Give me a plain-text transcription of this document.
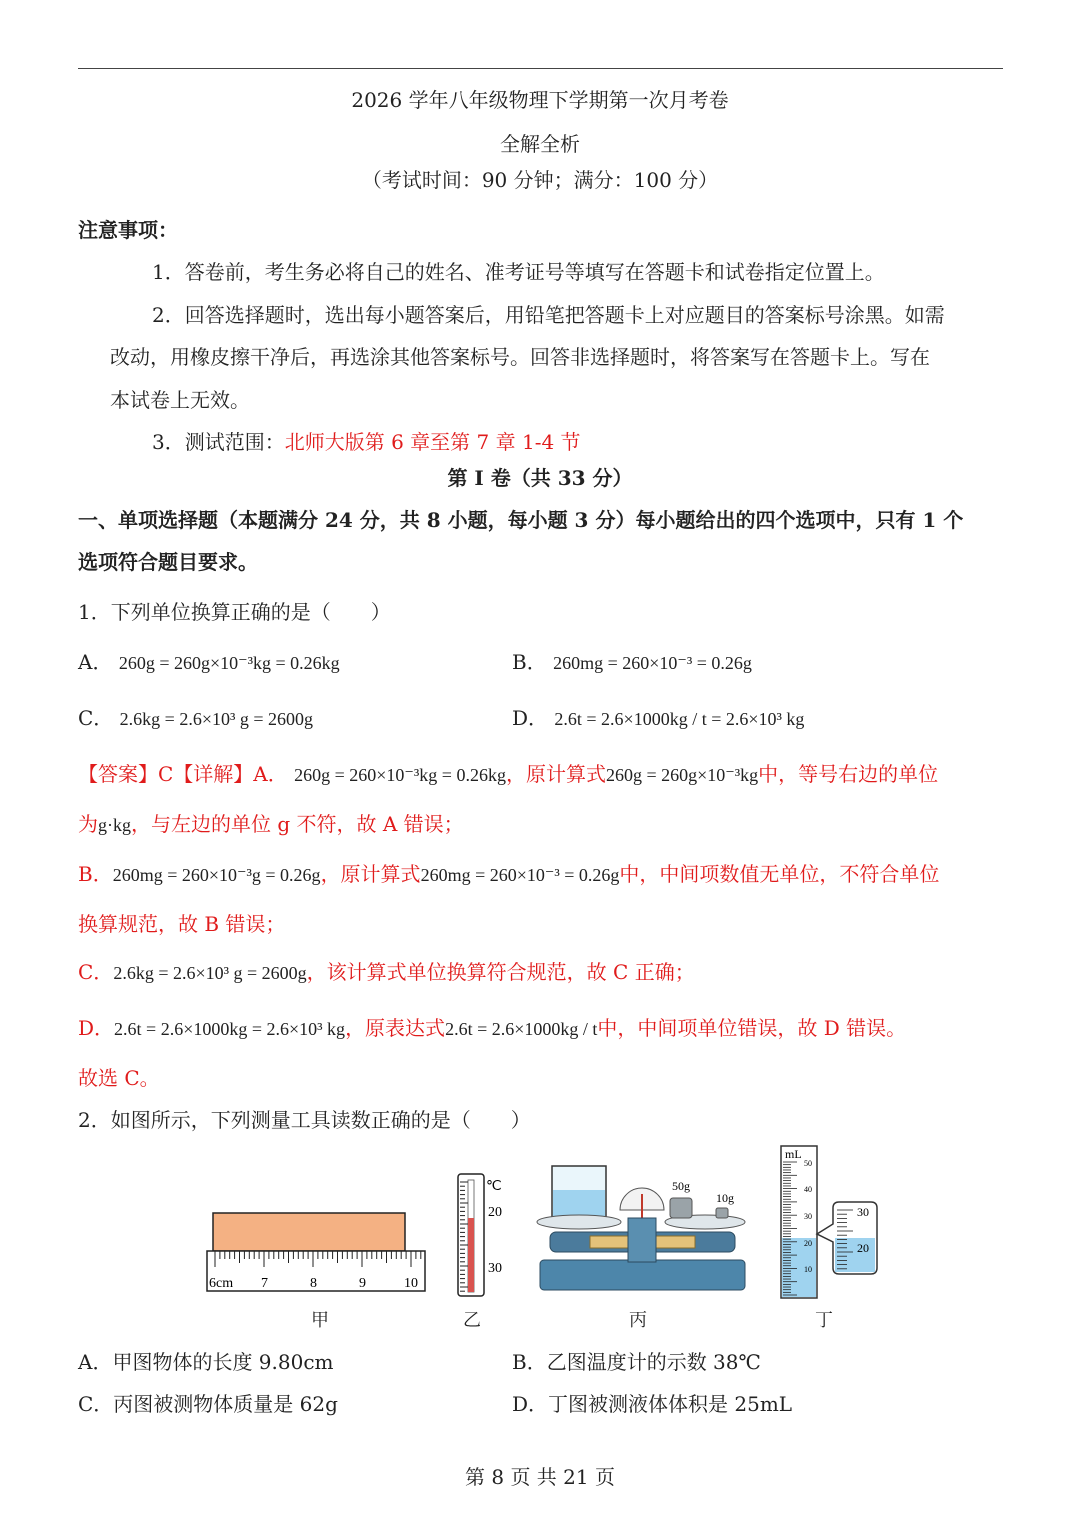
2026 学年八年级物理下学期第一次月考卷
全解全析
（考试时间：90 分钟；满分：100 分）
注意事项：
1．答卷前，考生务必将自己的姓名、准考证号等填写在答题卡和试卷指定位置上。
2．回答选择题时，选出每小题答案后，用铅笔把答题卡上对应题目的答案标号涂黑。如需
改动，用橡皮擦干净后，再选涂其他答案标号。回答非选择题时，将答案写在答题卡上。写在
本试卷上无效。
3．测试范围：北师大版第 6 章至第 7 章 1-4 节
第 I 卷（共 33 分）
一、单项选择题（本题满分 24 分，共 8 小题，每小题 3 分）每小题给出的四个选项中，只有 1 个
选项符合题目要求。
1．下列单位换算正确的是（　　）
A． 260g = 260g×10⁻³kg = 0.26kg	B． 260mg = 260×10⁻³ = 0.26g
C． 2.6kg = 2.6×10³ g = 2600g	D． 2.6t = 2.6×1000kg / t = 2.6×10³ kg
【答案】C【详解】A． 260g = 260×10⁻³kg = 0.26kg，原计算式260g = 260g×10⁻³kg中，等号右边的单位
为g·kg，与左边的单位 g 不符，故 A 错误；
B．260mg = 260×10⁻³g = 0.26g，原计算式260mg = 260×10⁻³ = 0.26g中，中间项数值无单位，不符合单位
换算规范，故 B 错误；
C．2.6kg = 2.6×10³ g = 2600g，该计算式单位换算符合规范，故 C 正确；
D．2.6t = 2.6×1000kg = 2.6×10³ kg，原表达式2.6t = 2.6×1000kg / t中，中间项单位错误，故 D 错误。
故选 C。
2．如图所示，下列测量工具读数正确的是（　　）
6cm 7	8	9	10
甲
℃
20
30
乙
50g
10g
丙
mL
50
40
30
20
10
30
20
丁
A．甲图物体的长度 9.80cm	B．乙图温度计的示数 38℃
C．丙图被测物体质量是 62g	D．丁图被测液体体积是 25mL
第 8 页 共 21 页
